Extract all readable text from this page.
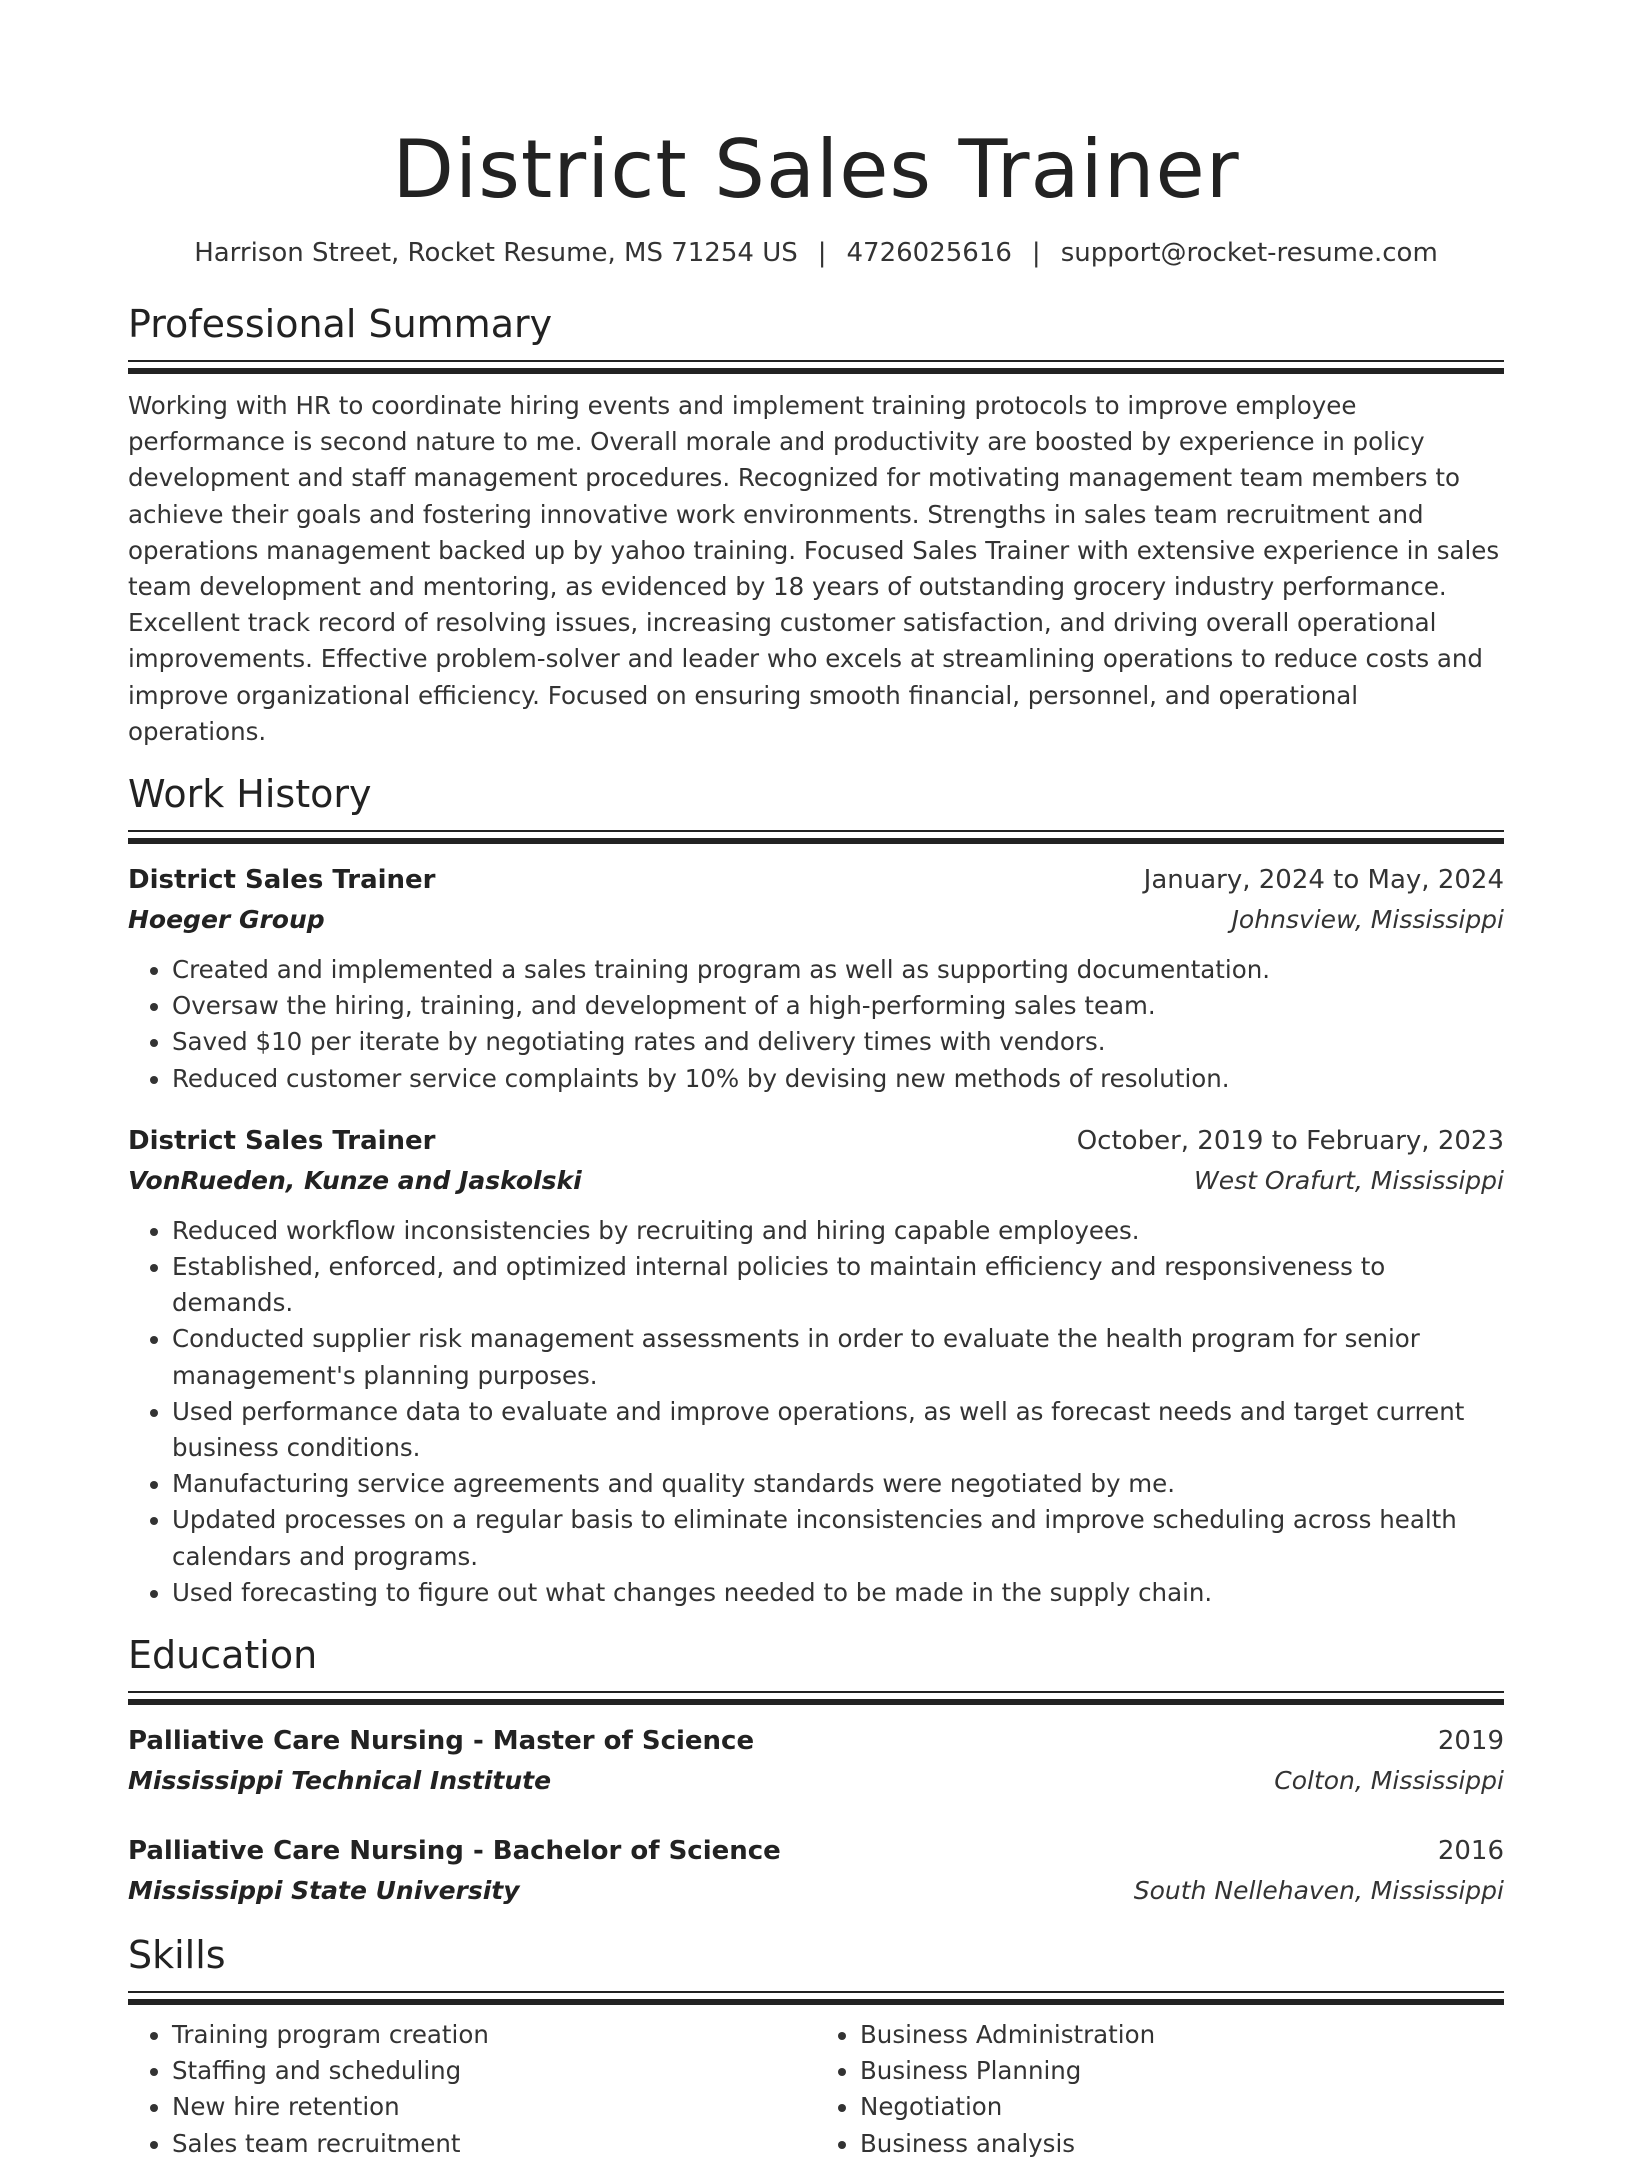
District Sales Trainer
Harrison Street, Rocket Resume, MS 71254 US | 4726025616 | support@rocket-resume.com
Professional Summary

Working with HR to coordinate hiring events and implement training protocols to improve employee performance is second nature to me. Overall morale and productivity are boosted by experience in policy development and staff management procedures. Recognized for motivating management team members to achieve their goals and fostering innovative work environments. Strengths in sales team recruitment and operations management backed up by yahoo training. Focused Sales Trainer with extensive experience in sales team development and mentoring, as evidenced by 18 years of outstanding grocery industry performance. Excellent track record of resolving issues, increasing customer satisfaction, and driving overall operational improvements. Effective problem-solver and leader who excels at streamlining operations to reduce costs and improve organizational efficiency. Focused on ensuring smooth financial, personnel, and operational operations.

Work History
District Sales Trainer	January, 2024 to May, 2024
Hoeger Group	Johnsview, Mississippi
• Created and implemented a sales training program as well as supporting documentation.
• Oversaw the hiring, training, and development of a high-performing sales team.
• Saved $10 per iterate by negotiating rates and delivery times with vendors.
• Reduced customer service complaints by 10% by devising new methods of resolution.
District Sales Trainer	October, 2019 to February, 2023
VonRueden, Kunze and Jaskolski	West Orafurt, Mississippi
• Reduced workflow inconsistencies by recruiting and hiring capable employees.
• Established, enforced, and optimized internal policies to maintain efficiency and responsiveness to demands.
• Conducted supplier risk management assessments in order to evaluate the health program for senior management's planning purposes.
• Used performance data to evaluate and improve operations, as well as forecast needs and target current business conditions.
• Manufacturing service agreements and quality standards were negotiated by me.
• Updated processes on a regular basis to eliminate inconsistencies and improve scheduling across health calendars and programs.
• Used forecasting to figure out what changes needed to be made in the supply chain.
Education
Palliative Care Nursing - Master of Science	2019
Mississippi Technical Institute	Colton, Mississippi
Palliative Care Nursing - Bachelor of Science	2016
Mississippi State University	South Nellehaven, Mississippi
Skills
• Training program creation
• Staffing and scheduling
• New hire retention
• Sales team recruitment
• Business Administration
• Business Planning
• Negotiation
• Business analysis
